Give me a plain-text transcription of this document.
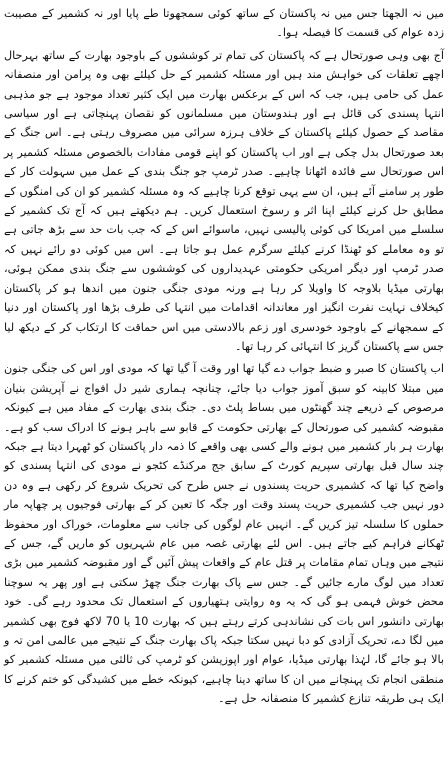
میں نہ الجھتا جس میں نہ پاکستان کے ساتھ کوئی سمجھوتا طے پایا اور نہ کشمیر کے مصیبت زدہ عوام کی قسمت کا فیصلہ ہوا۔

آج بھی وہی صورتحال ہے کہ پاکستان کی تمام تر کوششوں کے باوجود بھارت کے ساتھ بہرحال اچھے تعلقات کی خواہش مند ہیں اور مسئلہ کشمیر کے حل کیلئے بھی وہ پرامن اور منصفانہ عمل کی حامی ہیں، جب کہ اس کے برعکس بھارت میں ایک کثیر تعداد موجود ہے جو مذہبی انتہا پسندی کی قائل ہے اور ہندوستان میں مسلمانوں کو نقصان پہنچاتی ہے اور سیاسی مقاصد کے حصول کیلئے پاکستان کے خلاف ہرزہ سرائی میں مصروف رہتی ہے۔ اس جنگ کے بعد صورتحال بدل چکی ہے اور اب پاکستان کو اپنے قومی مفادات بالخصوص مسئلہ کشمیر پر اس صورتحال سے فائدہ اٹھانا چاہیے۔ صدر ٹرمپ جو جنگ بندی کے عمل میں سہولت کار کے طور پر سامنے آئے ہیں، ان سے یہی توقع کرنا چاہیے کہ وہ مسئلہ کشمیر کو ان کی امنگوں کے مطابق حل کرنے کیلئے اپنا اثر و رسوخ استعمال کریں۔ ہم دیکھتے ہیں کہ آج تک کشمیر کے سلسلے میں امریکا کی کوئی پالیسی نہیں، ماسوائے اس کے کہ جب بات حد سے بڑھ جاتی ہے تو وہ معاملے کو ٹھنڈا کرنے کیلئے سرگرم عمل ہو جاتا ہے۔ اس میں کوئی دو رائے نہیں کہ صدر ٹرمپ اور دیگر امریکی حکومتی عہدیداروں کی کوششوں سے جنگ بندی ممکن ہوئی، بھارتی میڈیا بلاوجہ کا واویلا کر رہا ہے ورنہ مودی جنگی جنون میں اندھا ہو کر پاکستان کیخلاف نہایت نفرت انگیز اور معاندانہ اقدامات میں انتہا کی طرف بڑھا اور پاکستان اور دنیا کے سمجھانے کے باوجود خودسری اور زعم بالادستی میں اس حماقت کا ارتکاب کر کے دیکھ لیا جس سے پاکستان گریز کا انتہائی کر رہا تھا۔

اب پاکستان کا صبر و ضبط جواب دے گیا تھا اور وقت آ گیا تھا کہ مودی اور اس کی جنگی جنون میں مبتلا کابینہ کو سبق آموز جواب دیا جائے، چنانچہ ہماری شیر دل افواج نے آپریشن بنیان مرصوص کے ذریعے چند گھنٹوں میں بساط پلٹ دی۔ جنگ بندی بھارت کے مفاد میں ہے کیونکہ مقبوضہ کشمیر کی صورتحال کے بھارتی حکومت کے قابو سے باہر ہونے کا ادراک سب کو ہے۔ بھارت ہر بار کشمیر میں ہونے والے کسی بھی واقعے کا ذمہ دار پاکستان کو ٹھہرا دیتا ہے جبکہ چند سال قبل بھارتی سپریم کورٹ کے سابق جج مرکنڈے کٹجو نے مودی کی انتہا پسندی کو واضح کیا تھا کہ کشمیری حریت پسندوں نے جس طرح کی تحریک شروع کر رکھی ہے وہ دن دور نہیں جب کشمیری حریت پسند وقت اور جگہ کا تعین کر کے بھارتی فوجیوں پر چھاپہ مار حملوں کا سلسلہ تیز کریں گے۔ انہیں عام لوگوں کی جانب سے معلومات، خوراک اور محفوظ ٹھکانے فراہم کیے جاتے ہیں۔ اس لئے بھارتی غصہ میں عام شہریوں کو ماریں گے، جس کے نتیجے میں وہاں تمام مقامات پر قتل عام کے واقعات پیش آئیں گے اور مقبوضہ کشمیر میں بڑی تعداد میں لوگ مارے جائیں گے۔ جس سے پاک بھارت جنگ چھڑ سکتی ہے اور پھر یہ سوچنا محض خوش فہمی ہو گی کہ یہ وہ روایتی ہتھیاروں کے استعمال تک محدود رہے گی۔ خود بھارتی دانشور اس بات کی نشاندہی کرتے رہتے ہیں کہ بھارت 10 یا 70 لاکھ فوج بھی کشمیر میں لگا دے، تحریک آزادی کو دبا نہیں سکتا جبکہ پاک بھارت جنگ کے نتیجے میں عالمی امن تہ و بالا ہو جائے گا، لہٰذا بھارتی میڈیا، عوام اور اپوزیشن کو ٹرمپ کی ثالثی میں مسئلہ کشمیر کو منطقی انجام تک پہنچانے میں ان کا ساتھ دینا چاہیے، کیونکہ خطے میں کشیدگی کو ختم کرنے کا ایک ہی طریقہ تنازع کشمیر کا منصفانہ حل ہے۔
